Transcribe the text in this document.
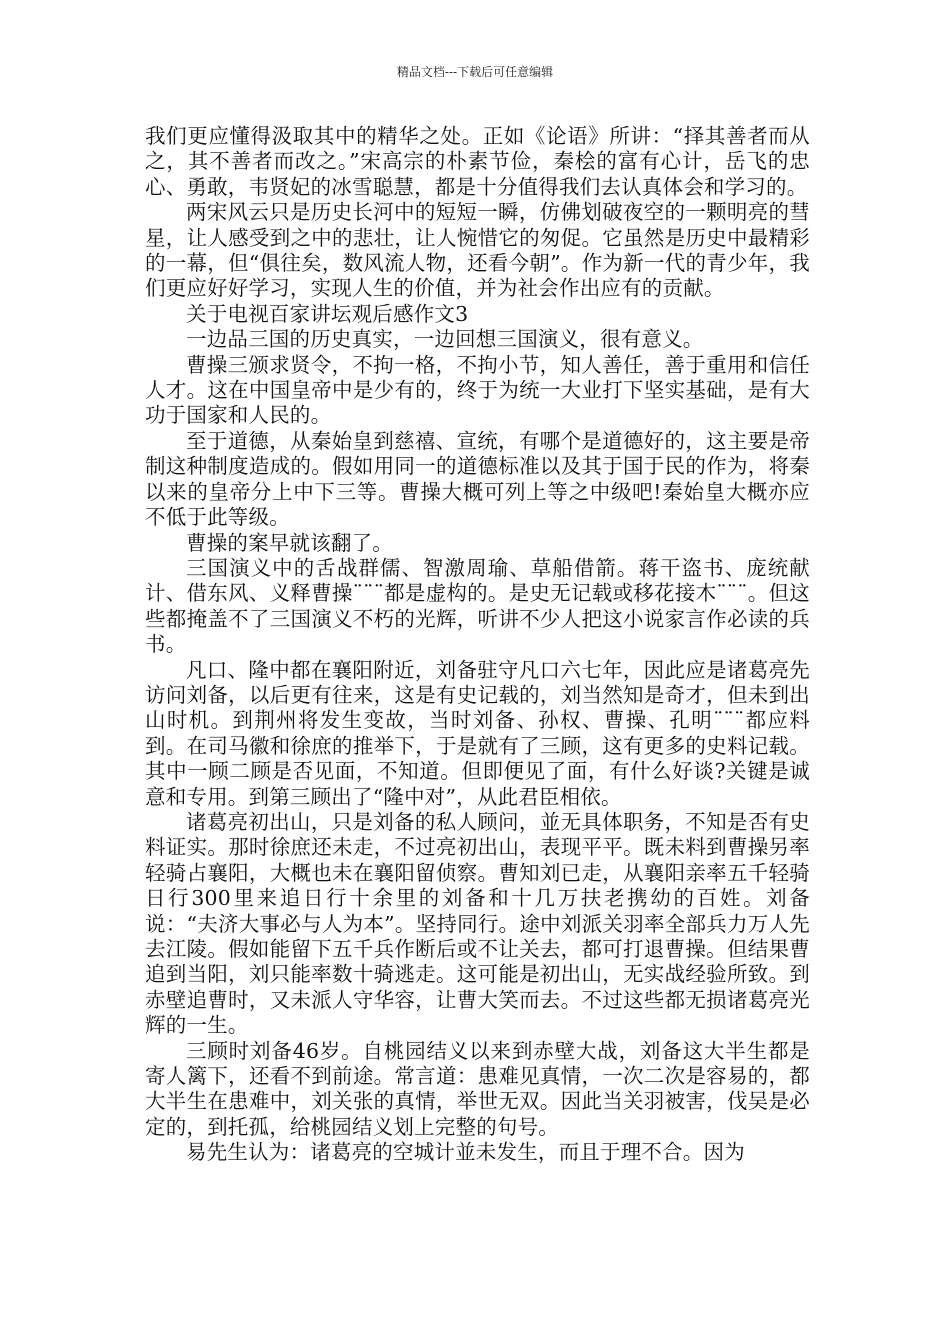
精品文档---下载后可任意编辑

我们更应懂得汲取其中的精华之处。正如《论语》所讲：“择其善者而从之，其不善者而改之。”宋高宗的朴素节俭，秦桧的富有心计，岳飞的忠心、勇敢，韦贤妃的冰雪聪慧，都是十分值得我们去认真体会和学习的。

两宋风云只是历史长河中的短短一瞬，仿佛划破夜空的一颗明亮的彗星，让人感受到之中的悲壮，让人惋惜它的匆促。它虽然是历史中最精彩的一幕，但“俱往矣，数风流人物，还看今朝”。作为新一代的青少年，我们更应好好学习，实现人生的价值，并为社会作出应有的贡献。

关于电视百家讲坛观后感作文3

一边品三国的历史真实，一边回想三国演义，很有意义。

曹操三颁求贤令，不拘一格，不拘小节，知人善任，善于重用和信任人才。这在中国皇帝中是少有的，终于为统一大业打下坚实基础，是有大功于国家和人民的。

至于道德，从秦始皇到慈禧、宣统，有哪个是道德好的，这主要是帝制这种制度造成的。假如用同一的道德标准以及其于国于民的作为，将秦以来的皇帝分上中下三等。曹操大概可列上等之中级吧!秦始皇大概亦应不低于此等级。

曹操的案早就该翻了。

三国演义中的舌战群儒、智激周瑜、草船借箭。蒋干盗书、庞统献计、借东风、义释曹操¨¨¨都是虚构的。是史无记载或移花接木¨¨¨。但这些都掩盖不了三国演义不朽的光辉，听讲不少人把这小说家言作必读的兵书。

凡口、隆中都在襄阳附近，刘备驻守凡口六七年，因此应是诸葛亮先访问刘备，以后更有往来，这是有史记载的，刘当然知是奇才，但未到出山时机。到荆州将发生变故，当时刘备、孙权、曹操、孔明¨¨¨都应料到。在司马徽和徐庶的推举下，于是就有了三顾，这有更多的史料记载。其中一顾二顾是否见面，不知道。但即便见了面，有什么好谈?关键是诚意和专用。到第三顾出了“隆中对”，从此君臣相依。

诸葛亮初出山，只是刘备的私人顾问，並无具体职务，不知是否有史料证实。那时徐庶还未走，不过亮初出山，表现平平。既未料到曹操另率轻骑占襄阳，大概也未在襄阳留侦察。曹知刘已走，从襄阳亲率五千轻骑日行300里来追日行十余里的刘备和十几万扶老携幼的百姓。刘备说：“夫济大事必与人为本”。坚持同行。途中刘派关羽率全部兵力万人先去江陵。假如能留下五千兵作断后或不让关去，都可打退曹操。但结果曹追到当阳，刘只能率数十骑逃走。这可能是初出山，无实战经验所致。到赤壁追曹时，又未派人守华容，让曹大笑而去。不过这些都无损诸葛亮光辉的一生。

三顾时刘备46岁。自桃园结义以来到赤壁大战，刘备这大半生都是寄人篱下，还看不到前途。常言道：患难见真情，一次二次是容易的，都大半生在患难中，刘关张的真情，举世无双。因此当关羽被害，伐吴是必定的，到托孤，给桃园结义划上完整的句号。

易先生认为：诸葛亮的空城计並未发生，而且于理不合。因为
